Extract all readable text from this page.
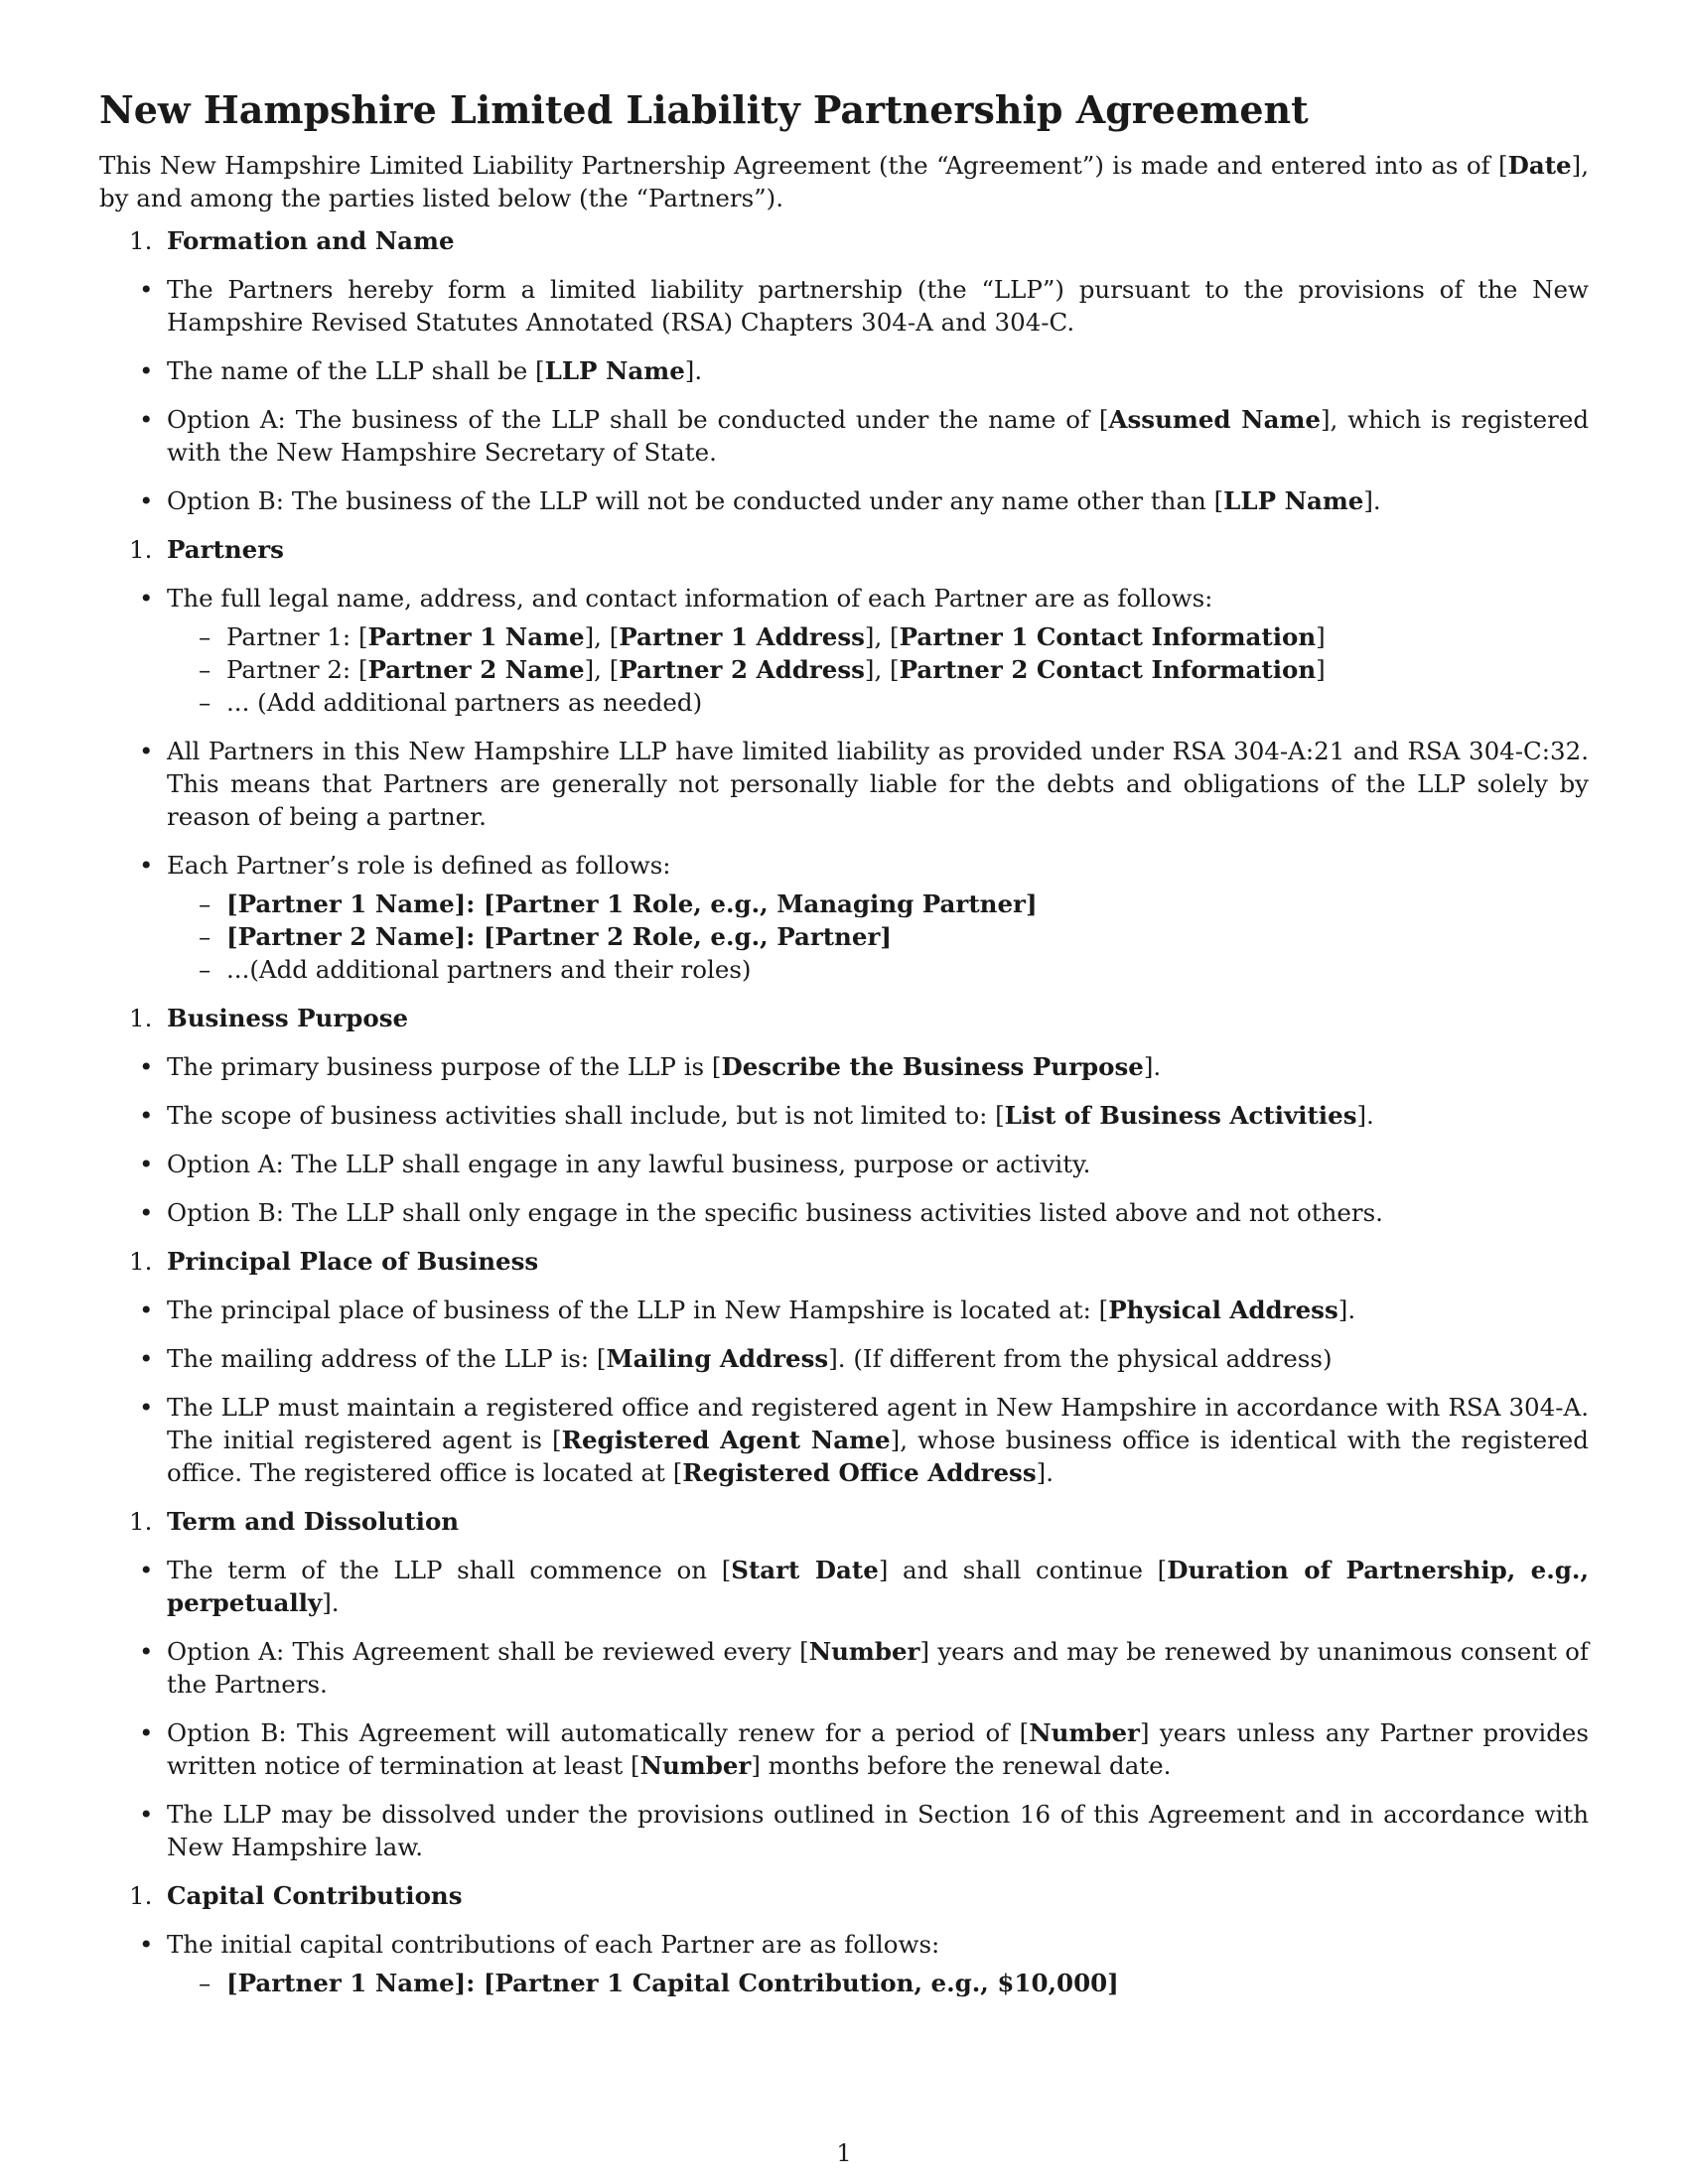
New Hampshire Limited Liability Partnership Agreement

This New Hampshire Limited Liability Partnership Agreement (the “Agreement”) is made and entered into as of [Date], by and among the parties listed below (the “Partners”).

1. Formation and Name
• The Partners hereby form a limited liability partnership (the “LLP”) pursuant to the provisions of the New Hampshire Revised Statutes Annotated (RSA) Chapters 304-A and 304-C.
• The name of the LLP shall be [LLP Name].
• Option A: The business of the LLP shall be conducted under the name of [Assumed Name], which is registered with the New Hampshire Secretary of State.
• Option B: The business of the LLP will not be conducted under any name other than [LLP Name].
1. Partners
• The full legal name, address, and contact information of each Partner are as follows:
– Partner 1: [Partner 1 Name], [Partner 1 Address], [Partner 1 Contact Information]
– Partner 2: [Partner 2 Name], [Partner 2 Address], [Partner 2 Contact Information]
– ... (Add additional partners as needed)
• All Partners in this New Hampshire LLP have limited liability as provided under RSA 304-A:21 and RSA 304-C:32. This means that Partners are generally not personally liable for the debts and obligations of the LLP solely by reason of being a partner.
• Each Partner’s role is defined as follows:
– [Partner 1 Name]: [Partner 1 Role, e.g., Managing Partner]
– [Partner 2 Name]: [Partner 2 Role, e.g., Partner]
– ...(Add additional partners and their roles)
1. Business Purpose
• The primary business purpose of the LLP is [Describe the Business Purpose].
• The scope of business activities shall include, but is not limited to: [List of Business Activities].
• Option A: The LLP shall engage in any lawful business, purpose or activity.
• Option B: The LLP shall only engage in the specific business activities listed above and not others.
1. Principal Place of Business
• The principal place of business of the LLP in New Hampshire is located at: [Physical Address].
• The mailing address of the LLP is: [Mailing Address]. (If different from the physical address)
• The LLP must maintain a registered office and registered agent in New Hampshire in accordance with RSA 304-A. The initial registered agent is [Registered Agent Name], whose business office is identical with the registered office. The registered office is located at [Registered Office Address].
1. Term and Dissolution
• The term of the LLP shall commence on [Start Date] and shall continue [Duration of Partnership, e.g., perpetually].
• Option A: This Agreement shall be reviewed every [Number] years and may be renewed by unanimous consent of the Partners.
• Option B: This Agreement will automatically renew for a period of [Number] years unless any Partner provides written notice of termination at least [Number] months before the renewal date.
• The LLP may be dissolved under the provisions outlined in Section 16 of this Agreement and in accordance with New Hampshire law.
1. Capital Contributions
• The initial capital contributions of each Partner are as follows:
– [Partner 1 Name]: [Partner 1 Capital Contribution, e.g., $10,000]
1
